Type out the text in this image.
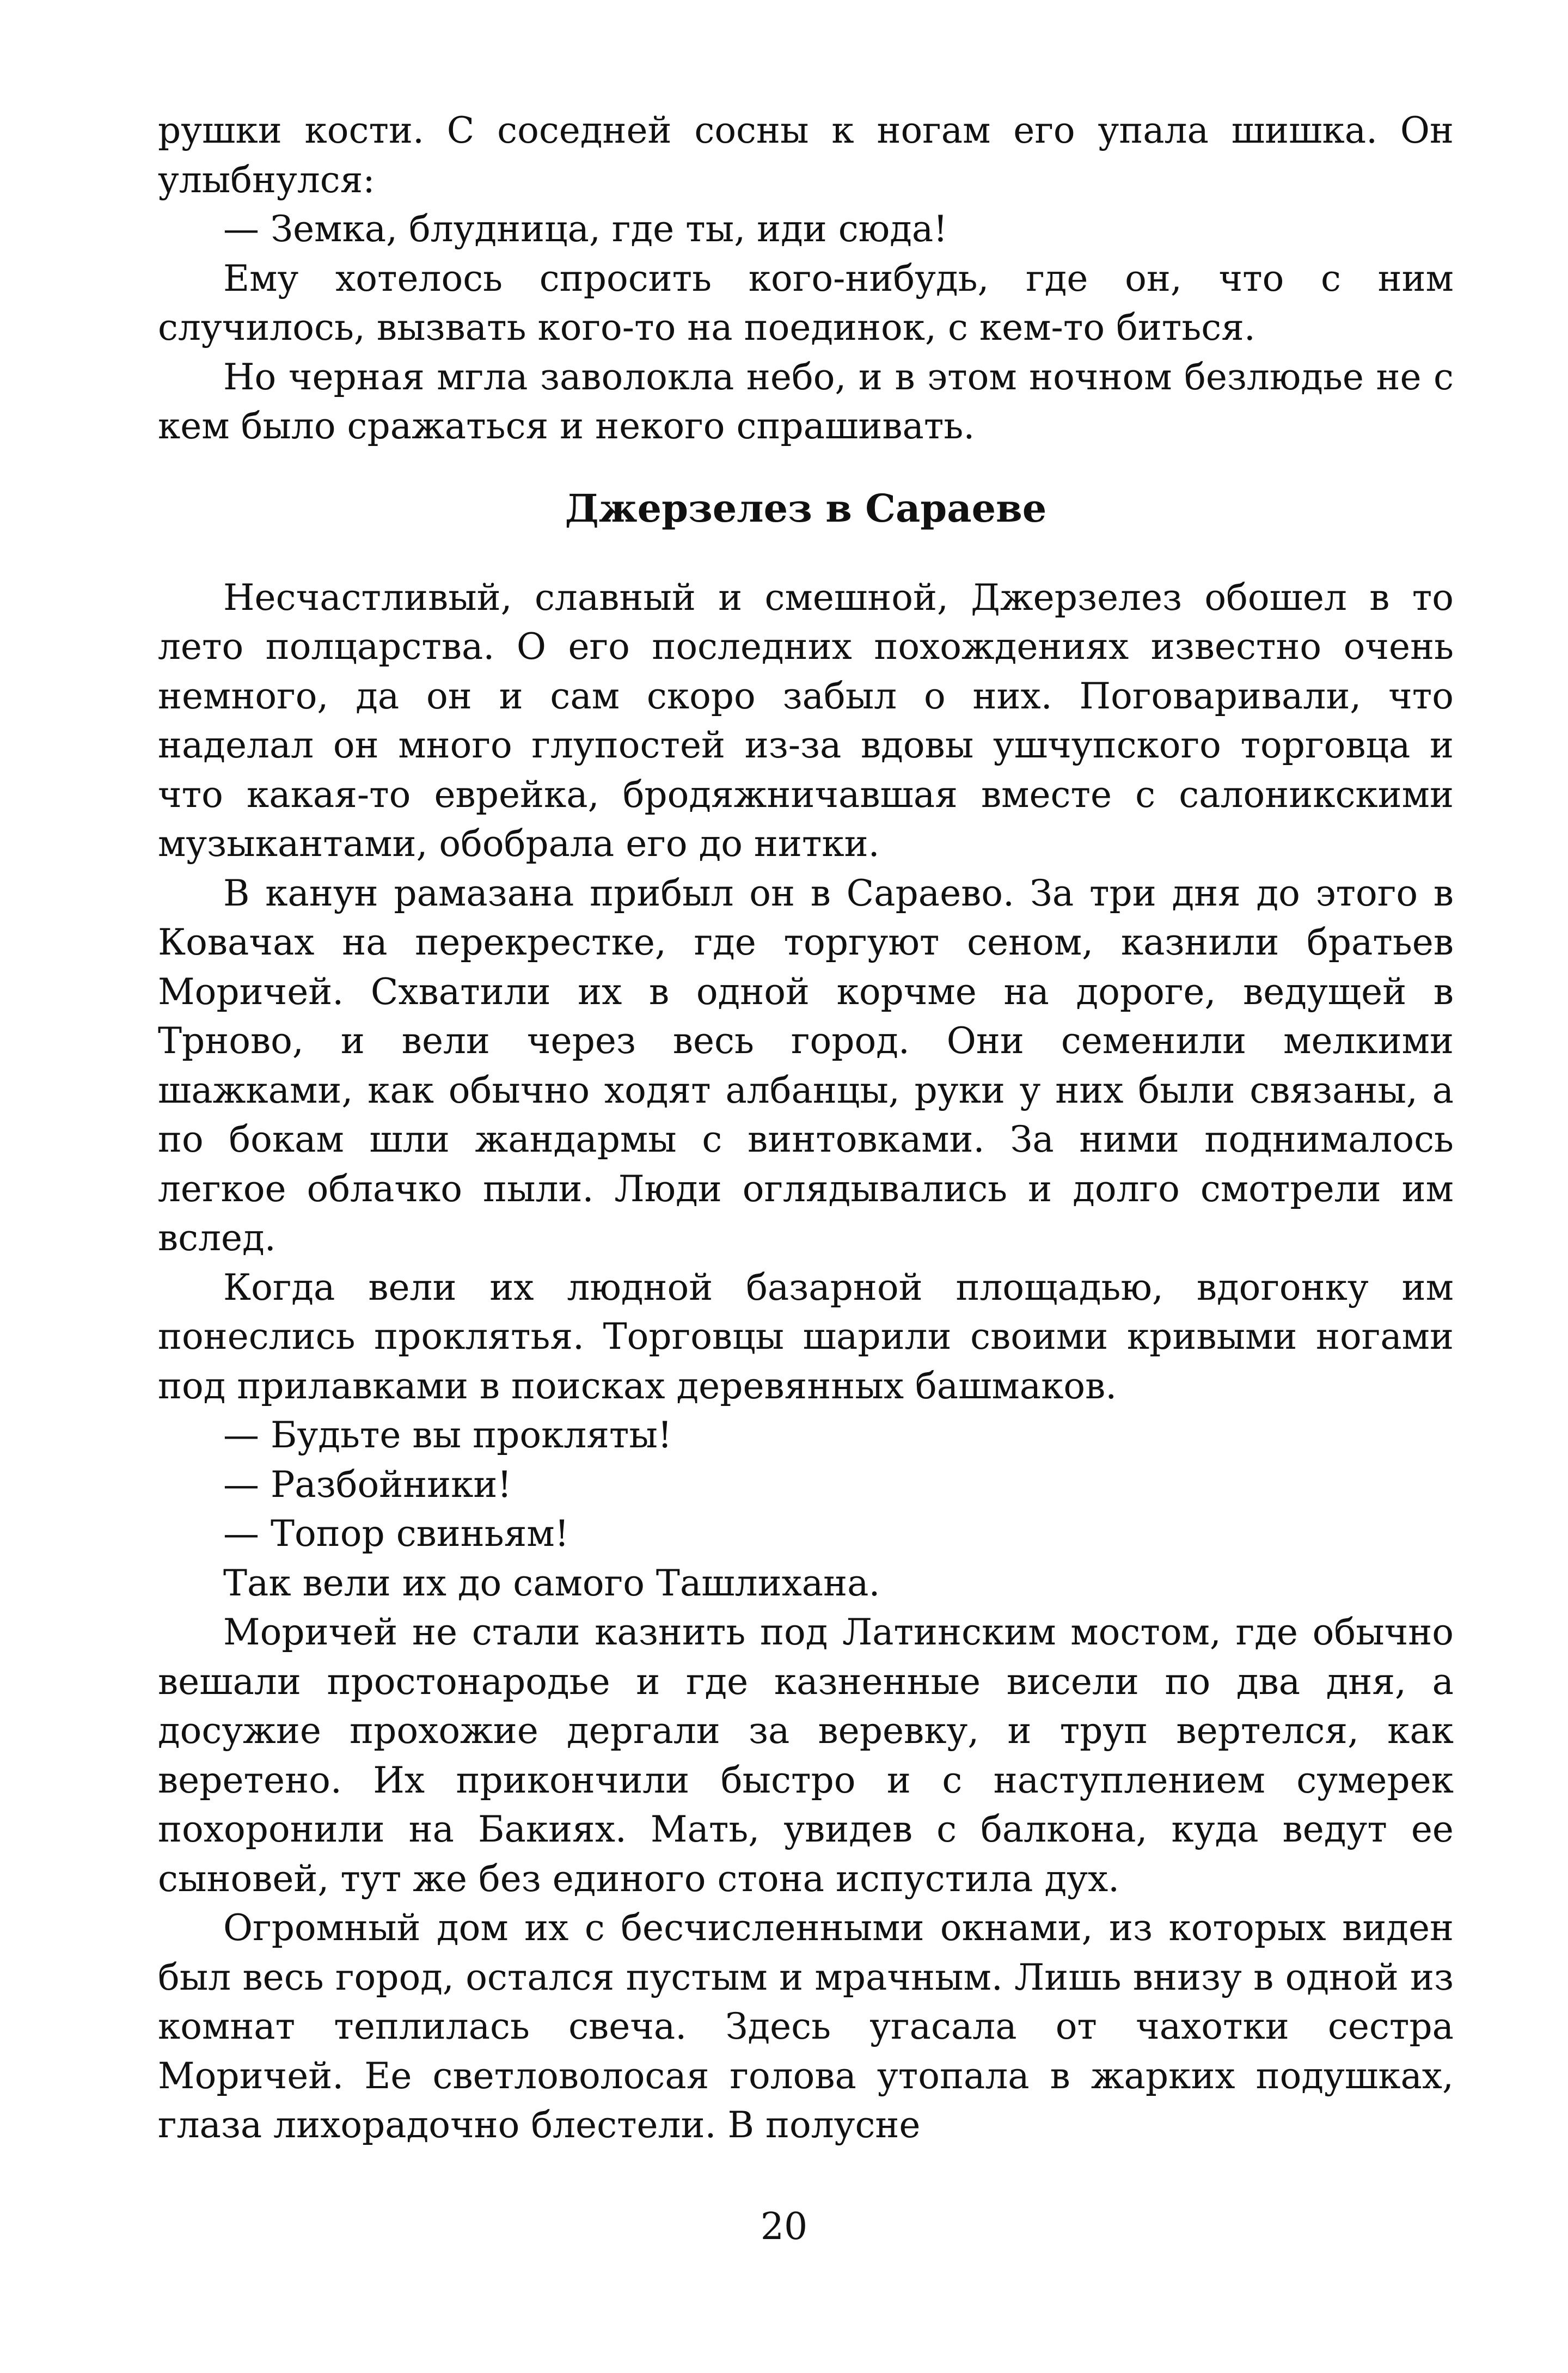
рушки кости. С соседней сосны к ногам его упала шишка. Он улыбнулся:

— Земка, блудница, где ты, иди сюда!

Ему хотелось спросить кого-нибудь, где он, что с ним случилось, вызвать кого-то на поединок, с кем-то биться.

Но черная мгла заволокла небо, и в этом ночном безлюдье не с кем было сражаться и некого спрашивать.

Джерзелез в Сараеве

Несчастливый, славный и смешной, Джерзелез обошел в то лето полцарства. О его последних похождениях известно очень немного, да он и сам скоро забыл о них. Поговаривали, что наделал он много глупостей из-за вдовы ушчупского торговца и что какая-то еврейка, бродяжничавшая вместе с салоникскими музыкантами, обобрала его до нитки.

В канун рамазана прибыл он в Сараево. За три дня до этого в Ковачах на перекрестке, где торгуют сеном, казнили братьев Моричей. Схватили их в одной корчме на дороге, ведущей в Трново, и вели через весь город. Они семенили мелкими шажками, как обычно ходят албанцы, руки у них были связаны, а по бокам шли жандармы с винтовками. За ними поднималось легкое облачко пыли. Люди оглядывались и долго смотрели им вслед.

Когда вели их людной базарной площадью, вдогонку им понеслись проклятья. Торговцы шарили своими кривыми ногами под прилавками в поисках деревянных башмаков.

— Будьте вы прокляты!

— Разбойники!

— Топор свиньям!

Так вели их до самого Ташлихана.

Моричей не стали казнить под Латинским мостом, где обычно вешали простонародье и где казненные висели по два дня, а досужие прохожие дергали за веревку, и труп вертелся, как веретено. Их прикончили быстро и с наступлением сумерек похоронили на Бакиях. Мать, увидев с балкона, куда ведут ее сыновей, тут же без единого стона испустила дух.

Огромный дом их с бесчисленными окнами, из которых виден был весь город, остался пустым и мрачным. Лишь внизу в одной из комнат теплилась свеча. Здесь угасала от чахотки сестра Моричей. Ее светловолосая голова утопала в жарких подушках, глаза лихорадочно блестели. В полусне

20
